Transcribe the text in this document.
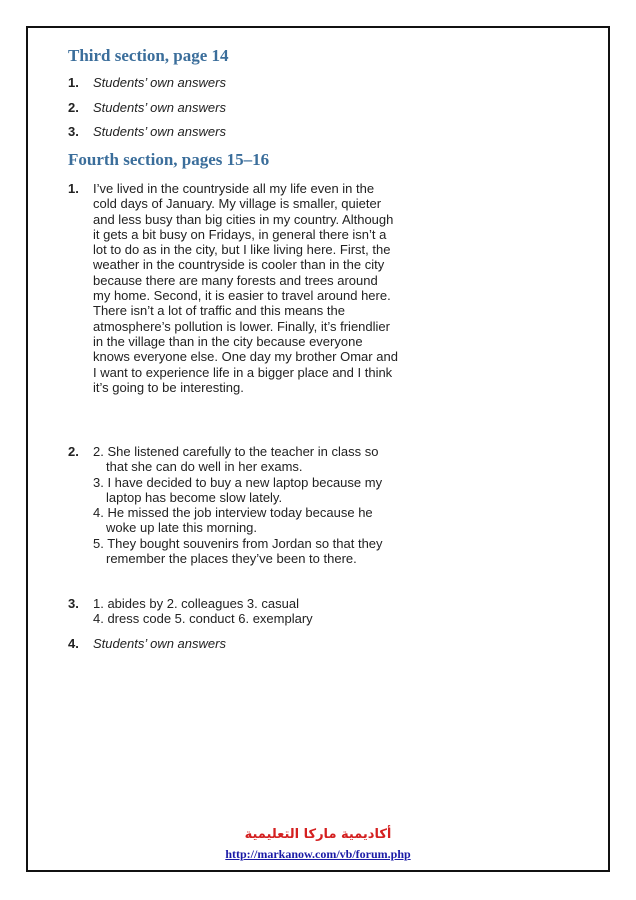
Third section, page 14
1.	Students’ own answers
2.	Students’ own answers
3.	Students’ own answers
Fourth section, pages 15–16
1.	I’ve lived in the countryside all my life even in the cold days of January. My village is smaller, quieter and less busy than big cities in my country. Although it gets a bit busy on Fridays, in general there isn’t a lot to do as in the city, but I like living here. First, the weather in the countryside is cooler than in the city because there are many forests and trees around my home. Second, it is easier to travel around here. There isn’t a lot of traffic and this means the atmosphere’s pollution is lower. Finally, it’s friendlier in the village than in the city because everyone knows everyone else. One day my brother Omar and I want to experience life in a bigger place and I think it’s going to be interesting.
2.	2. She listened carefully to the teacher in class so that she can do well in her exams.
3. I have decided to buy a new laptop because my laptop has become slow lately.
4. He missed the job interview today because he woke up late this morning.
5. They bought souvenirs from Jordan so that they remember the places they’ve been to there.
3.	1. abides by 2. colleagues 3. casual
4. dress code 5. conduct 6. exemplary
4.	Students’ own answers
أكاديمية ماركا التعليمية
http://markanow.com/vb/forum.php
